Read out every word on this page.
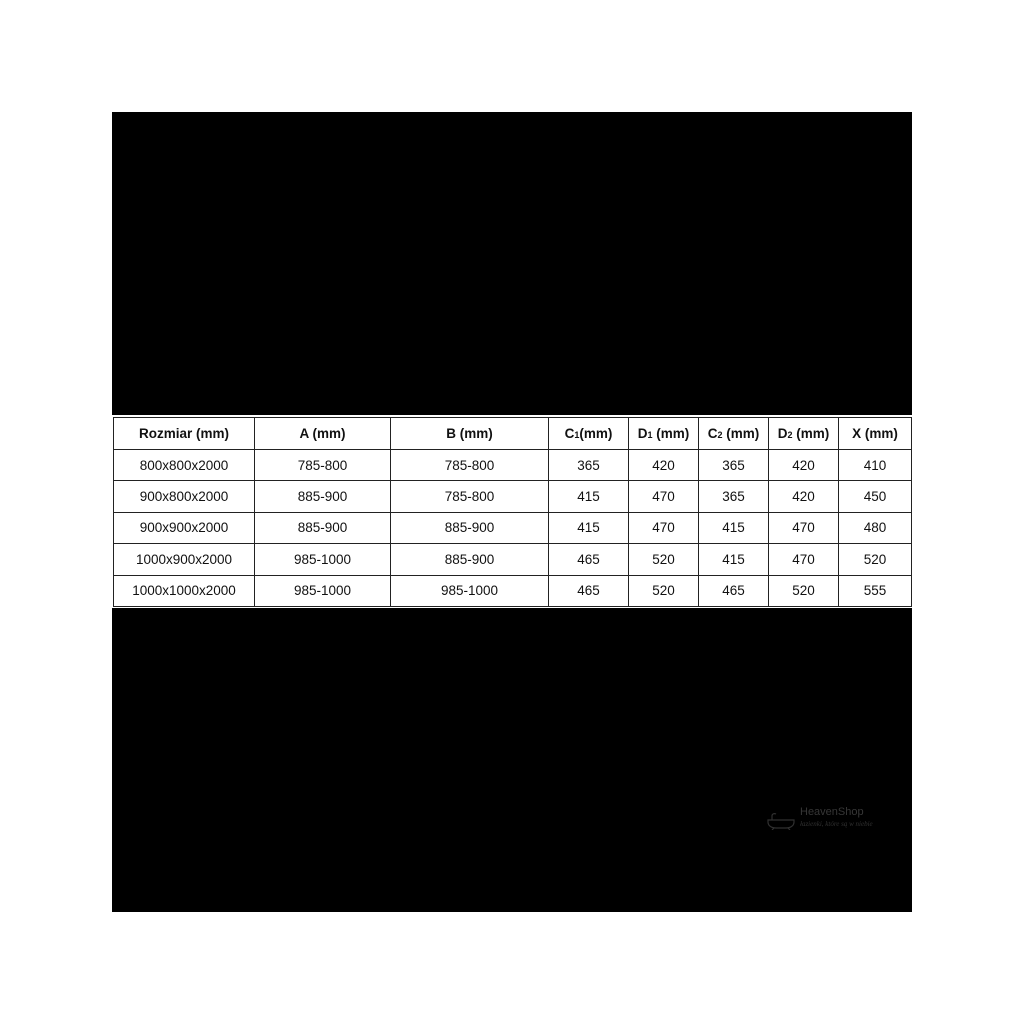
Rozmiar (mm)	A (mm)	B (mm)	C1(mm)	D1 (mm)	C2 (mm)	D2 (mm)	X (mm)
800x800x2000	785-800	785-800	365	420	365	420	410
900x800x2000	885-900	785-800	415	470	365	420	450
900x900x2000	885-900	885-900	415	470	415	470	480
1000x900x2000	985-1000	885-900	465	520	415	470	520
1000x1000x2000	985-1000	985-1000	465	520	465	520	555
HeavenShop
łazienki, które są w niebie
